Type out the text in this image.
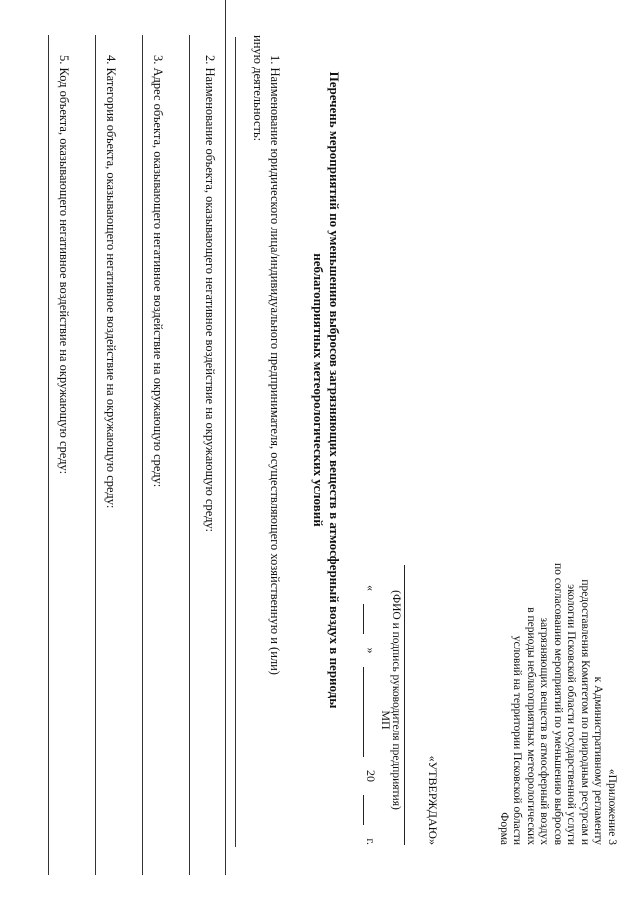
«Приложение 3
к Административному регламенту
предоставления Комитетом по природным ресурсам и
экологии Псковской области государственной услуги
по согласованию мероприятий по уменьшению выбросов
загрязняющих веществ в атмосферный воздух
в периоды неблагоприятных метеорологических
условий на территории Псковской области
Форма
«УТВЕРЖДАЮ»
(ФИО и подпись руководителя предприятия)
«
»
20
г.
МП
Перечень мероприятий по уменьшению выбросов загрязняющих веществ в атмосферный воздух в периоды
неблагоприятных метеорологических условий
1. Наименование юридического лица/индивидуального предпринимателя, осуществляющего хозяйственную и (или)
иную деятельность:
2. Наименование объекта, оказывающего негативное воздействие на окружающую среду:
3. Адрес объекта, оказывающего негативное воздействие на окружающую среду:
4. Категория объекта, оказывающего негативное воздействие на окружающую среду:
5. Код объекта, оказывающего негативное воздействие на окружающую среду:
